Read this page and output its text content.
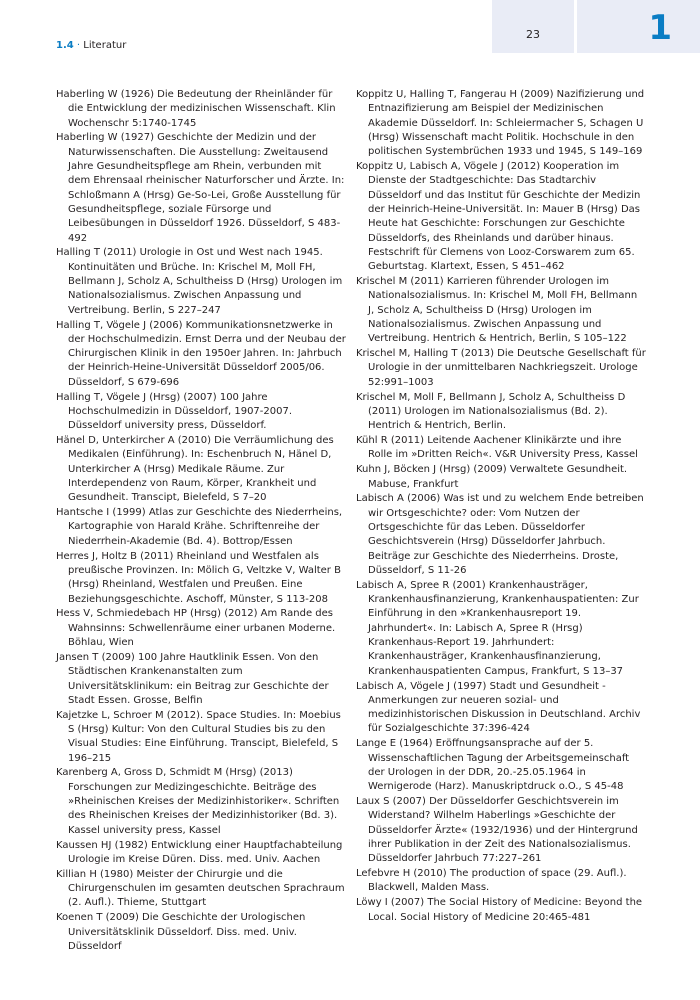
1.4 · Literatur
23	1

Haberling W (1926) Die Bedeutung der Rheinländer für die Entwicklung der medizinischen Wissenschaft. Klin Wochenschr 5:1740-1745

Haberling W (1927) Geschichte der Medizin und der Naturwissenschaften. Die Ausstellung: Zweitausend Jahre Gesundheitspflege am Rhein, verbunden mit dem Ehrensaal rheinischer Naturforscher und Ärzte. In: Schloßmann A (Hrsg) Ge-So-Lei, Große Ausstellung für Gesundheitspflege, soziale Fürsorge und Leibesübungen in Düsseldorf 1926. Düsseldorf, S 483-492

Halling T (2011) Urologie in Ost und West nach 1945. Kontinuitäten und Brüche. In: Krischel M, Moll FH, Bellmann J, Scholz A, Schultheiss D (Hrsg) Urologen im Nationalsozialismus. Zwischen Anpassung und Vertreibung. Berlin, S 227–247

Halling T, Vögele J (2006) Kommunikationsnetzwerke in der Hochschulmedizin. Ernst Derra und der Neubau der Chirurgischen Klinik in den 1950er Jahren. In: Jahrbuch der Heinrich-Heine-Universität Düsseldorf 2005/06. Düsseldorf, S 679-696

Halling T, Vögele J (Hrsg) (2007) 100 Jahre Hochschulmedizin in Düsseldorf, 1907-2007. Düsseldorf university press, Düsseldorf.

Hänel D, Unterkircher A (2010) Die Verräumlichung des Medikalen (Einführung). In: Eschenbruch N, Hänel D, Unterkircher A (Hrsg) Medikale Räume. Zur Interdependenz von Raum, Körper, Krankheit und Gesundheit. Transcipt, Bielefeld, S 7–20

Hantsche I (1999) Atlas zur Geschichte des Niederrheins, Kartographie von Harald Krähe. Schriftenreihe der Niederrhein-Akademie (Bd. 4). Bottrop/Essen

Herres J, Holtz B (2011) Rheinland und Westfalen als preußische Provinzen. In: Mölich G, Veltzke V, Walter B (Hrsg) Rheinland, Westfalen und Preußen. Eine Beziehungsgeschichte. Aschoff, Münster, S 113-208

Hess V, Schmiedebach HP (Hrsg) (2012) Am Rande des Wahnsinns: Schwellenräume einer urbanen Moderne. Böhlau, Wien

Jansen T (2009) 100 Jahre Hautklinik Essen. Von den Städtischen Krankenanstalten zum Universitätsklinikum: ein Beitrag zur Geschichte der Stadt Essen. Grosse, Belfin

Kajetzke L, Schroer M (2012). Space Studies. In: Moebius S (Hrsg) Kultur: Von den Cultural Studies bis zu den Visual Studies: Eine Einführung. Transcipt, Bielefeld, S 196–215

Karenberg A, Gross D, Schmidt M (Hrsg) (2013) Forschungen zur Medizingeschichte. Beiträge des »Rheinischen Kreises der Medizinhistoriker«. Schriften des Rheinischen Kreises der Medizinhistoriker (Bd. 3). Kassel university press, Kassel

Kaussen HJ (1982) Entwicklung einer Hauptfachabteilung Urologie im Kreise Düren. Diss. med. Univ. Aachen

Killian H (1980) Meister der Chirurgie und die Chirurgenschulen im gesamten deutschen Sprachraum (2. Aufl.). Thieme, Stuttgart

Koenen T (2009) Die Geschichte der Urologischen Universitätsklinik Düsseldorf. Diss. med. Univ. Düsseldorf

Koppitz U, Halling T, Fangerau H (2009) Nazifizierung und Entnazifizierung am Beispiel der Medizinischen Akademie Düsseldorf. In: Schleiermacher S, Schagen U (Hrsg) Wissenschaft macht Politik. Hochschule in den politischen Systembrüchen 1933 und 1945, S 149–169

Koppitz U, Labisch A, Vögele J (2012) Kooperation im Dienste der Stadtgeschichte: Das Stadtarchiv Düsseldorf und das Institut für Geschichte der Medizin der Heinrich-Heine-Universität. In: Mauer B (Hrsg) Das Heute hat Geschichte: Forschungen zur Geschichte Düsseldorfs, des Rheinlands und darüber hinaus. Festschrift für Clemens von Looz-Corswarem zum 65. Geburtstag. Klartext, Essen, S 451–462

Krischel M (2011) Karrieren führender Urologen im Nationalsozialismus. In: Krischel M, Moll FH, Bellmann J, Scholz A, Schultheiss D (Hrsg) Urologen im Nationalsozialismus. Zwischen Anpassung und Vertreibung. Hentrich & Hentrich, Berlin, S 105–122

Krischel M, Halling T (2013) Die Deutsche Gesellschaft für Urologie in der unmittelbaren Nachkriegszeit. Urologe 52:991–1003

Krischel M, Moll F, Bellmann J, Scholz A, Schultheiss D (2011) Urologen im Nationalsozialismus (Bd. 2). Hentrich & Hentrich, Berlin.

Kühl R (2011) Leitende Aachener Klinikärzte und ihre Rolle im »Dritten Reich«. V&R University Press, Kassel

Kuhn J, Böcken J (Hrsg) (2009) Verwaltete Gesundheit. Mabuse, Frankfurt

Labisch A (2006) Was ist und zu welchem Ende betreiben wir Ortsgeschichte? oder: Vom Nutzen der Ortsgeschichte für das Leben. Düsseldorfer Geschichtsverein (Hrsg) Düsseldorfer Jahrbuch. Beiträge zur Geschichte des Niederrheins. Droste, Düsseldorf, S 11-26

Labisch A, Spree R (2001) Krankenhausträger, Krankenhausfinanzierung, Krankenhauspatienten: Zur Einführung in den »Krankenhausreport 19. Jahrhundert«. In: Labisch A, Spree R (Hrsg) Krankenhaus-Report 19. Jahrhundert: Krankenhausträger, Krankenhausfinanzierung, Krankenhauspatienten Campus, Frankfurt, S 13–37

Labisch A, Vögele J (1997) Stadt und Gesundheit - Anmerkungen zur neueren sozial- und medizinhistorischen Diskussion in Deutschland. Archiv für Sozialgeschichte 37:396-424

Lange E (1964) Eröffnungsansprache auf der 5. Wissenschaftlichen Tagung der Arbeitsgemeinschaft der Urologen in der DDR, 20.-25.05.1964 in Wernigerode (Harz). Manuskriptdruck o.O., S 45-48

Laux S (2007) Der Düsseldorfer Geschichtsverein im Widerstand? Wilhelm Haberlings »Geschichte der Düsseldorfer Ärzte« (1932/1936) und der Hintergrund ihrer Publikation in der Zeit des Nationalsozialismus. Düsseldorfer Jahrbuch 77:227–261

Lefebvre H (2010) The production of space (29. Aufl.). Blackwell, Malden Mass.

Löwy I (2007) The Social History of Medicine: Beyond the Local. Social History of Medicine 20:465-481
